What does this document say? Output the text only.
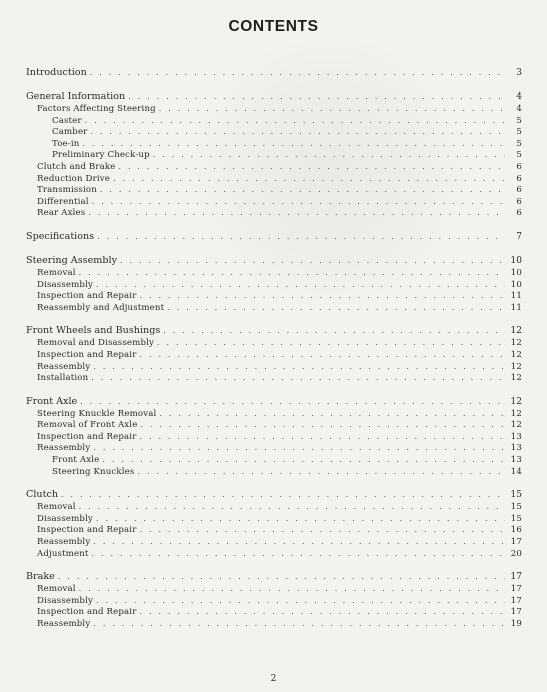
CONTENTS
Introduction . . .	3
General Information . . .	4
Factors Affecting Steering . . .	4
Caster . . .	5
Camber . . .	5
Toe-in . . .	5
Preliminary Check-up . . .	5
Clutch and Brake . . .	6
Reduction Drive . . .	6
Transmission . . .	6
Differential . . .	6
Rear Axles . . .	6
Specifications . . .	7
Steering Assembly . . .	10
Removal . . .	10
Disassembly . . .	10
Inspection and Repair . . .	11
Reassembly and Adjustment . . .	11
Front Wheels and Bushings . . .	12
Removal and Disassembly . . .	12
Inspection and Repair . . .	12
Reassembly . . .	12
Installation . . .	12
Front Axle . . .	12
Steering Knuckle Removal . . .	12
Removal of Front Axle . . .	12
Inspection and Repair . . .	13
Reassembly . . .	13
Front Axle . . .	13
Steering Knuckles . . .	14
Clutch . . .	15
Removal . . .	15
Disassembly . . .	15
Inspection and Repair . . .	16
Reassembly . . .	17
Adjustment . . .	20
Brake . . .	17
Removal . . .	17
Disassembly . . .	17
Inspection and Repair . . .	17
Reassembly . . .	19
2
